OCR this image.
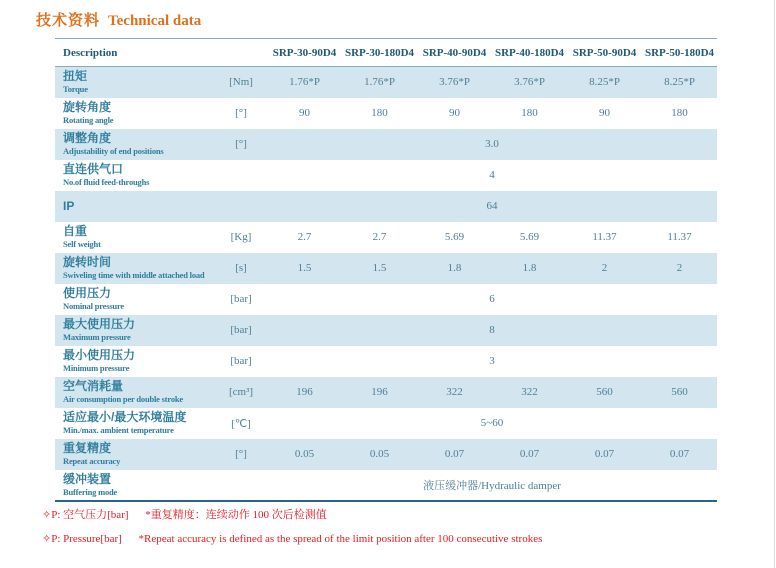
技术资料 Technical data
Description		SRP-30-90D4	SRP-30-180D4	SRP-40-90D4	SRP-40-180D4	SRP-50-90D4	SRP-50-180D4

扭矩
Torque	[Nm]	1.76*P	1.76*P	3.76*P	3.76*P	8.25*P	8.25*P

旋转角度
Rotating angle	[°]	90	180	90	180	90	180

调整角度
Adjustability of end positions	[°]	3.0					

直连供气口
No.of fluid feed-throughs		4					

IP		64					

自重
Self weight	[Kg]	2.7	2.7	5.69	5.69	11.37	11.37

旋转时间
Swiveling time with middle attached load	[s]	1.5	1.5	1.8	1.8	2	2

使用压力
Nominal pressure	[bar]	6					

最大使用压力
Maximum pressure	[bar]	8					

最小使用压力
Minimum pressure	[bar]	3					

空气消耗量
Air consumption per double stroke	[cm³]	196	196	322	322	560	560

适应最小/最大环境温度
Min./max. ambient temperature	[℃]	5~60					

重复精度
Repeat accuracy	[°]	0.05	0.05	0.07	0.07	0.07	0.07

缓冲装置
Buffering mode		液压缓冲器/Hydraulic damper					
✧P: 空气压力[bar] *重复精度：连续动作 100 次后检测值
✧P: Pressure[bar] *Repeat accuracy is defined as the spread of the limit position after 100 consecutive strokes
